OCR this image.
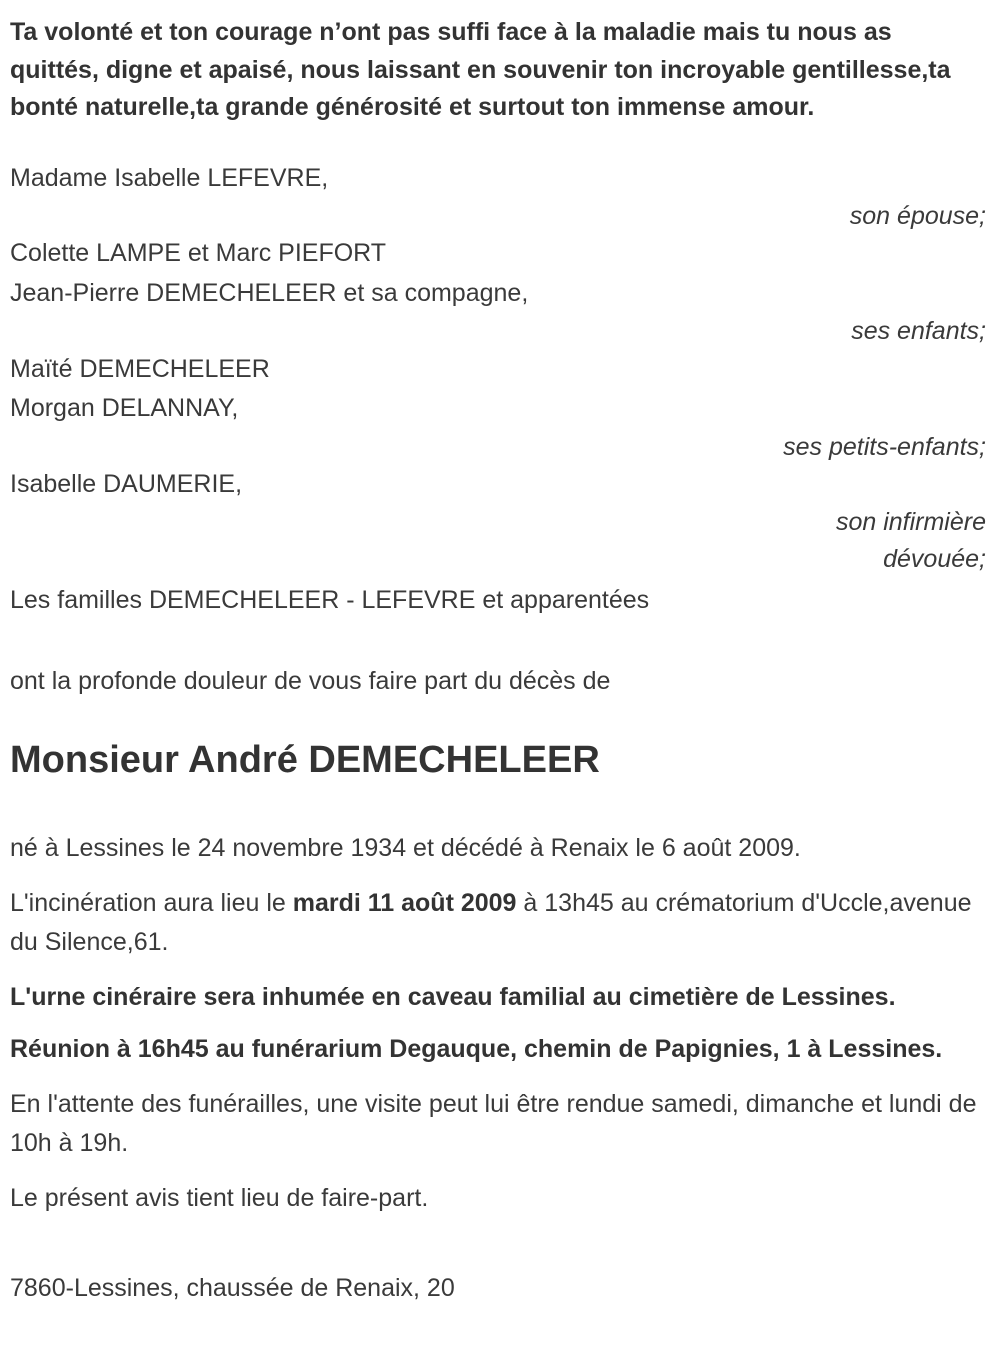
Ta volonté et ton courage n’ont pas suffi face à la maladie mais tu nous as quittés, digne et apaisé, nous laissant en souvenir ton incroyable gentillesse,ta bonté naturelle,ta grande générosité et surtout ton immense amour.

Madame Isabelle LEFEVRE,

son épouse;

Colette LAMPE et Marc PIEFORT

Jean-Pierre DEMECHELEER et sa compagne,

ses enfants;

Maïté DEMECHELEER

Morgan DELANNAY,

ses petits-enfants;

Isabelle DAUMERIE,

son infirmière
dévouée;

Les familles DEMECHELEER - LEFEVRE et apparentées

ont la profonde douleur de vous faire part du décès de

Monsieur André DEMECHELEER

né à Lessines le 24 novembre 1934 et décédé à Renaix le 6 août 2009.

L'incinération aura lieu le mardi 11 août 2009 à 13h45 au crématorium d'Uccle,avenue du Silence,61.

L'urne cinéraire sera inhumée en caveau familial au cimetière de Lessines.

Réunion à 16h45 au funérarium Degauque, chemin de Papignies, 1 à Lessines.

En l'attente des funérailles, une visite peut lui être rendue samedi, dimanche et lundi de 10h à 19h.

Le présent avis tient lieu de faire-part.

7860-Lessines, chaussée de Renaix, 20
